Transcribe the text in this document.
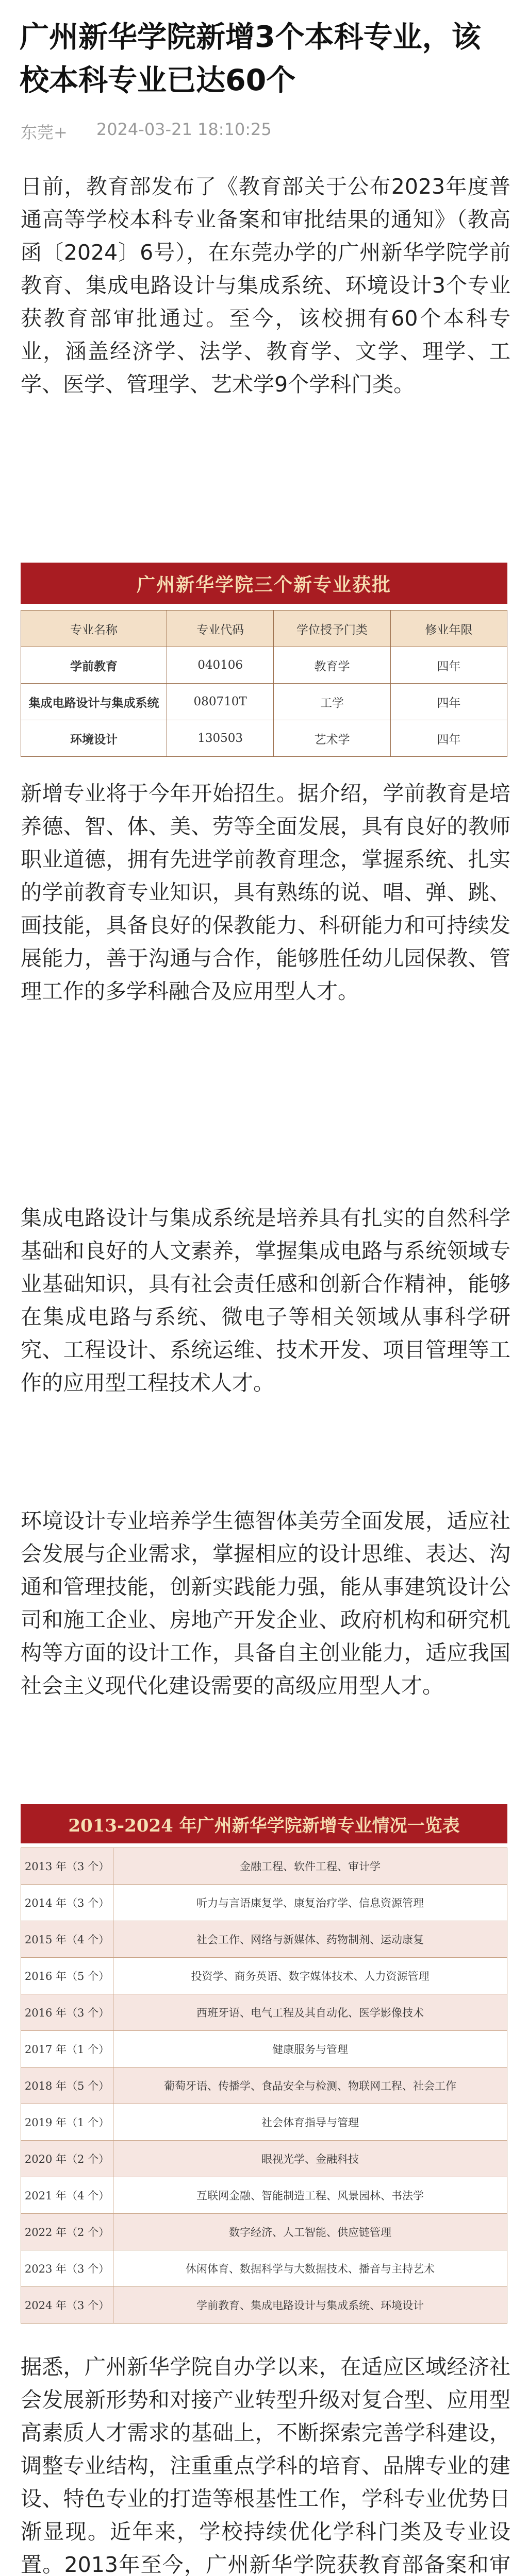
广州新华学院新增3个本科专业，该校本科专业已达60个
东莞+ 2024-03-21 18:10:25

日前，教育部发布了《教育部关于公布2023年度普通高等学校本科专业备案和审批结果的通知》（教高函〔2024〕6号），在东莞办学的广州新华学院学前教育、集成电路设计与集成系统、环境设计3个专业获教育部审批通过。至今，该校拥有60个本科专业，涵盖经济学、法学、教育学、文学、理学、工学、医学、管理学、艺术学9个学科门类。

广州新华学院三个新专业获批
专业名称	专业代码	学位授予门类	修业年限
学前教育	040106	教育学	四年
集成电路设计与集成系统	080710T	工学	四年
环境设计	130503	艺术学	四年

新增专业将于今年开始招生。据介绍，学前教育是培养德、智、体、美、劳等全面发展，具有良好的教师职业道德，拥有先进学前教育理念，掌握系统、扎实的学前教育专业知识，具有熟练的说、唱、弹、跳、画技能，具备良好的保教能力、科研能力和可持续发展能力，善于沟通与合作，能够胜任幼儿园保教、管理工作的多学科融合及应用型人才。

集成电路设计与集成系统是培养具有扎实的自然科学基础和良好的人文素养，掌握集成电路与系统领域专业基础知识，具有社会责任感和创新合作精神，能够在集成电路与系统、微电子等相关领域从事科学研究、工程设计、系统运维、技术开发、项目管理等工作的应用型工程技术人才。

环境设计专业培养学生德智体美劳全面发展，适应社会发展与企业需求，掌握相应的设计思维、表达、沟通和管理技能，创新实践能力强，能从事建筑设计公司和施工企业、房地产开发企业、政府机构和研究机构等方面的设计工作，具备自主创业能力，适应我国社会主义现代化建设需要的高级应用型人才。

2013-2024 年广州新华学院新增专业情况一览表
2013 年（3 个）	金融工程、软件工程、审计学
2014 年（3 个）	听力与言语康复学、康复治疗学、信息资源管理
2015 年（4 个）	社会工作、网络与新媒体、药物制剂、运动康复
2016 年（5 个）	投资学、商务英语、数字媒体技术、人力资源管理
2016 年（3 个）	西班牙语、电气工程及其自动化、医学影像技术
2017 年（1 个）	健康服务与管理
2018 年（5 个）	葡萄牙语、传播学、食品安全与检测、物联网工程、社会工作
2019 年（1 个）	社会体育指导与管理
2020 年（2 个）	眼视光学、金融科技
2021 年（4 个）	互联网金融、智能制造工程、风景园林、书法学
2022 年（2 个）	数字经济、人工智能、供应链管理
2023 年（3 个）	休闲体育、数据科学与大数据技术、播音与主持艺术
2024 年（3 个）	学前教育、集成电路设计与集成系统、环境设计

据悉，广州新华学院自办学以来，在适应区域经济社会发展新形势和对接产业转型升级对复合型、应用型高素质人才需求的基础上，不断探索完善学科建设，调整专业结构，注重重点学科的培育、品牌专业的建设、特色专业的打造等根基性工作，学科专业优势日渐显现。近年来，学校持续优化学科门类及专业设置。2013年至今，广州新华学院获教育部备案和审
